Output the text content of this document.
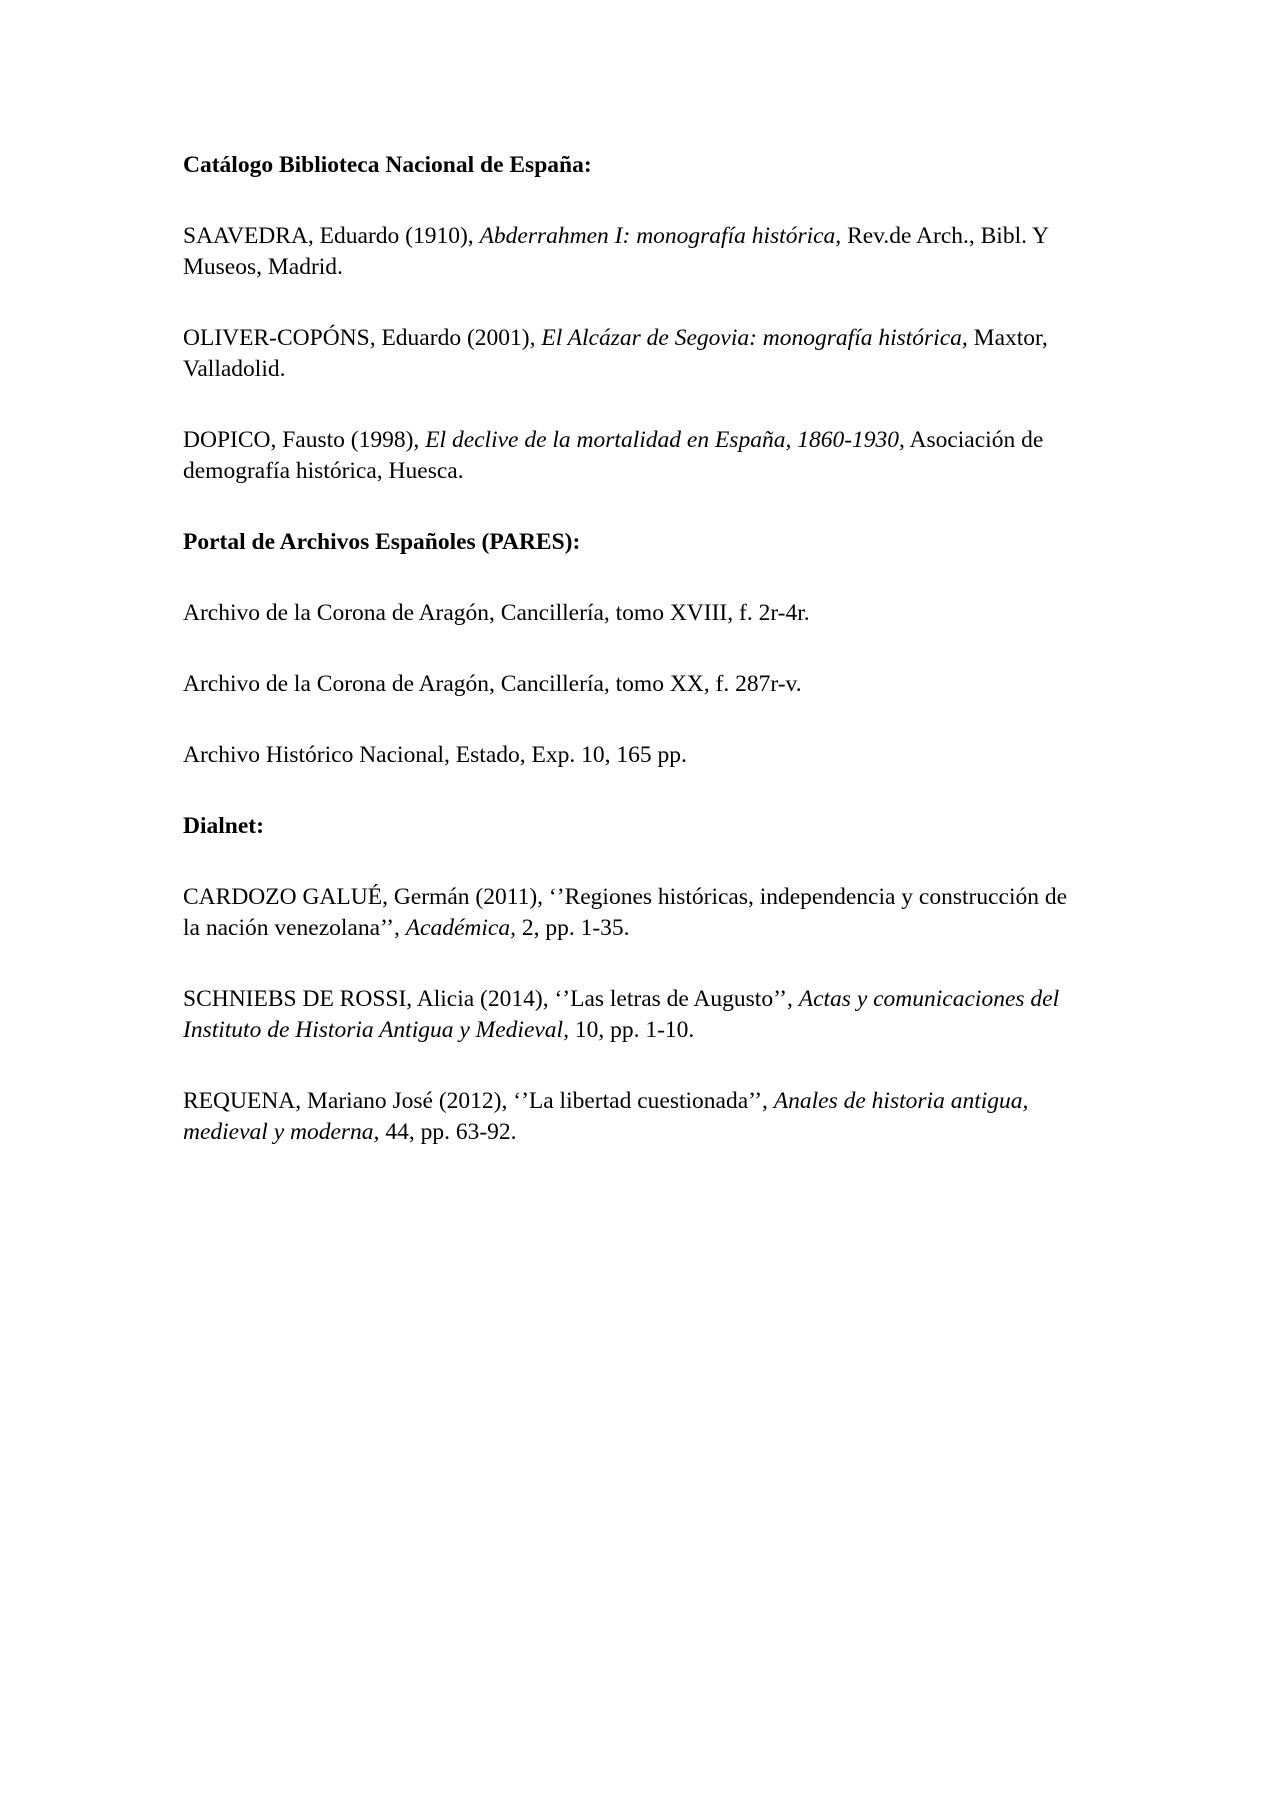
Catálogo Biblioteca Nacional de España:

SAAVEDRA, Eduardo (1910), Abderrahmen I: monografía histórica, Rev.de Arch., Bibl. Y Museos, Madrid.

OLIVER-COPÓNS, Eduardo (2001), El Alcázar de Segovia: monografía histórica, Maxtor, Valladolid.

DOPICO, Fausto (1998), El declive de la mortalidad en España, 1860-1930, Asociación de demografía histórica, Huesca.

Portal de Archivos Españoles (PARES):

Archivo de la Corona de Aragón, Cancillería, tomo XVIII, f. 2r-4r.

Archivo de la Corona de Aragón, Cancillería, tomo XX, f. 287r-v.

Archivo Histórico Nacional, Estado, Exp. 10, 165 pp.

Dialnet:

CARDOZO GALUÉ, Germán (2011), ‘’Regiones históricas, independencia y construcción de la nación venezolana’’, Académica, 2, pp. 1-35.

SCHNIEBS DE ROSSI, Alicia (2014), ‘’Las letras de Augusto’’, Actas y comunicaciones del Instituto de Historia Antigua y Medieval, 10, pp. 1-10.

REQUENA, Mariano José (2012), ‘’La libertad cuestionada’’, Anales de historia antigua, medieval y moderna, 44, pp. 63-92.
